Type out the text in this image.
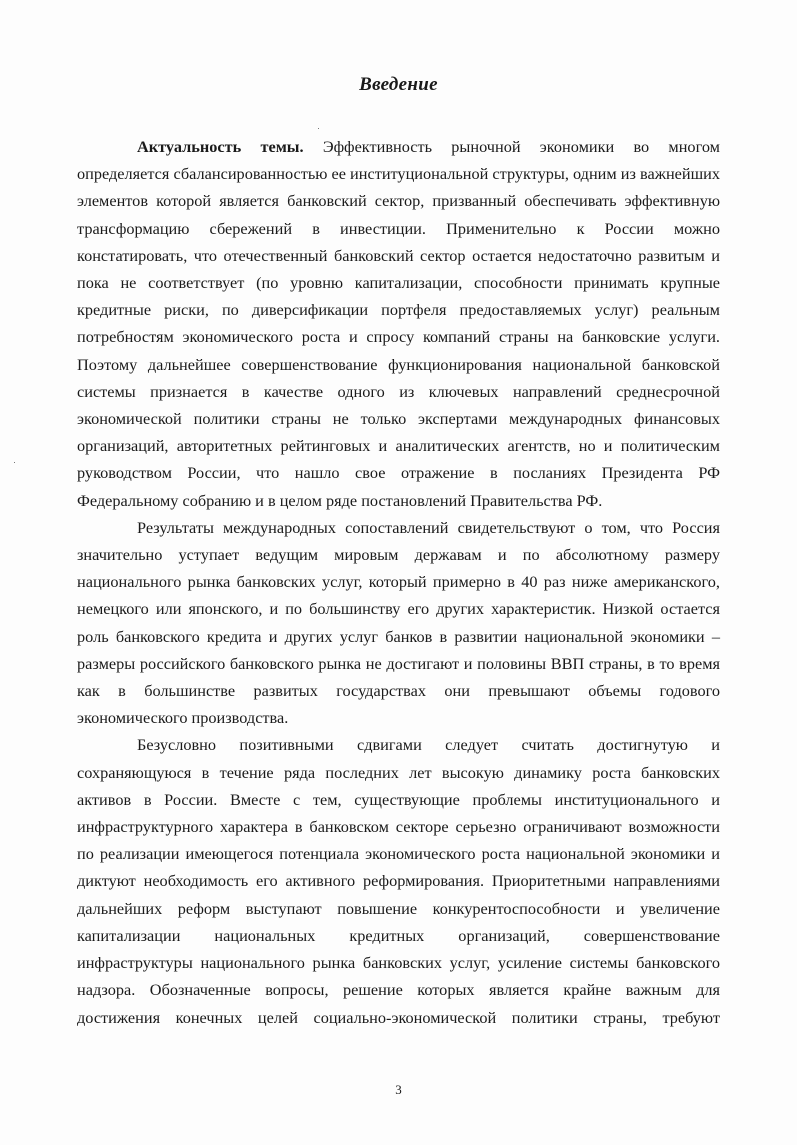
Введение

Актуальность темы. Эффективность рыночной экономики во многом определяется сбалансированностью ее институциональной структуры, одним из важнейших элементов которой является банковский сектор, призванный обеспечивать эффективную трансформацию сбережений в инвестиции. Применительно к России можно констатировать, что отечественный банковский сектор остается недостаточно развитым и пока не соответствует (по уровню капитализации, способности принимать крупные кредитные риски, по диверсификации портфеля предоставляемых услуг) реальным потребностям экономического роста и спросу компаний страны на банковские услуги. Поэтому дальнейшее совершенствование функционирования национальной банковской системы признается в качестве одного из ключевых направлений среднесрочной экономической политики страны не только экспертами международных финансовых организаций, авторитетных рейтинговых и аналитических агентств, но и политическим руководством России, что нашло свое отражение в посланиях Президента РФ Федеральному собранию и в целом ряде постановлений Правительства РФ.

Результаты международных сопоставлений свидетельствуют о том, что Россия значительно уступает ведущим мировым державам и по абсолютному размеру национального рынка банковских услуг, который примерно в 40 раз ниже американского, немецкого или японского, и по большинству его других характеристик. Низкой остается роль банковского кредита и других услуг банков в развитии национальной экономики – размеры российского банковского рынка не достигают и половины ВВП страны, в то время как в большинстве развитых государствах они превышают объемы годового экономического производства.

Безусловно позитивными сдвигами следует считать достигнутую и сохраняющуюся в течение ряда последних лет высокую динамику роста банковских активов в России. Вместе с тем, существующие проблемы институционального и инфраструктурного характера в банковском секторе серьезно ограничивают возможности по реализации имеющегося потенциала экономического роста национальной экономики и диктуют необходимость его активного реформирования. Приоритетными направлениями дальнейших реформ выступают повышение конкурентоспособности и увеличение капитализации национальных кредитных организаций, совершенствование инфраструктуры национального рынка банковских услуг, усиление системы банковского надзора. Обозначенные вопросы, решение которых является крайне важным для достижения конечных целей социально-экономической политики страны, требуют

3
